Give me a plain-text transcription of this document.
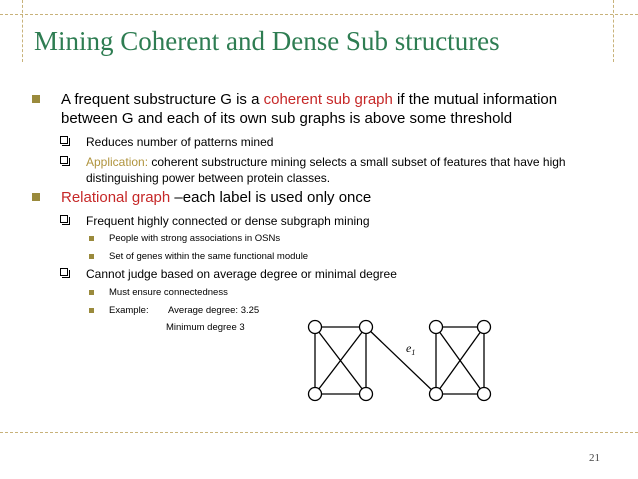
Mining Coherent and Dense Sub structures
A frequent substructure G is a coherent sub graph if the mutual information between G and each of its own sub graphs is above some threshold
Reduces number of patterns mined
Application: coherent substructure mining selects a small subset of features that have high distinguishing power between protein classes.
Relational graph –each label is used only once
Frequent highly connected or dense subgraph mining
People with strong associations in OSNs
Set of genes within the same functional module
Cannot judge based on average degree or minimal degree
Must ensure connectedness
Example: Average degree: 3.25
Minimum degree 3
$e_1$
21
